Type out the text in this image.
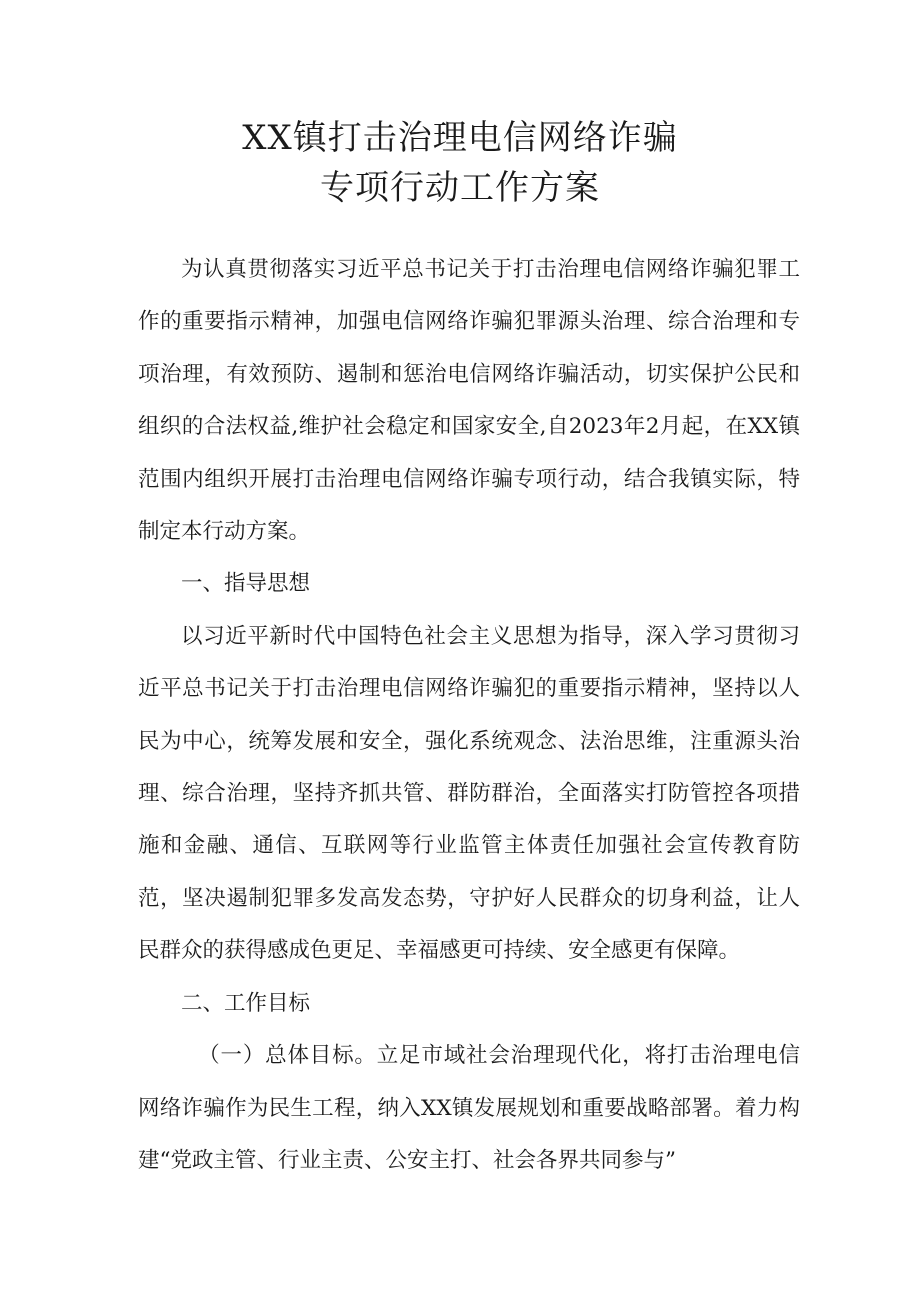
XX镇打击治理电信网络诈骗
专项行动工作方案

为认真贯彻落实习近平总书记关于打击治理电信网络诈骗犯罪工作的重要指示精神，加强电信网络诈骗犯罪源头治理、综合治理和专项治理，有效预防、遏制和惩治电信网络诈骗活动，切实保护公民和组织的合法权益,维护社会稳定和国家安全,自2023年2月起，在XX镇范围内组织开展打击治理电信网络诈骗专项行动，结合我镇实际，特制定本行动方案。

一、指导思想

以习近平新时代中国特色社会主义思想为指导，深入学习贯彻习近平总书记关于打击治理电信网络诈骗犯的重要指示精神，坚持以人民为中心，统筹发展和安全，强化系统观念、法治思维，注重源头治理、综合治理，坚持齐抓共管、群防群治，全面落实打防管控各项措施和金融、通信、互联网等行业监管主体责任加强社会宣传教育防范，坚决遏制犯罪多发高发态势，守护好人民群众的切身利益，让人民群众的获得感成色更足、幸福感更可持续、安全感更有保障。

二、工作目标

（一）总体目标。立足市域社会治理现代化，将打击治理电信网络诈骗作为民生工程，纳入XX镇发展规划和重要战略部署。着力构建“党政主管、行业主责、公安主打、社会各界共同参与”
